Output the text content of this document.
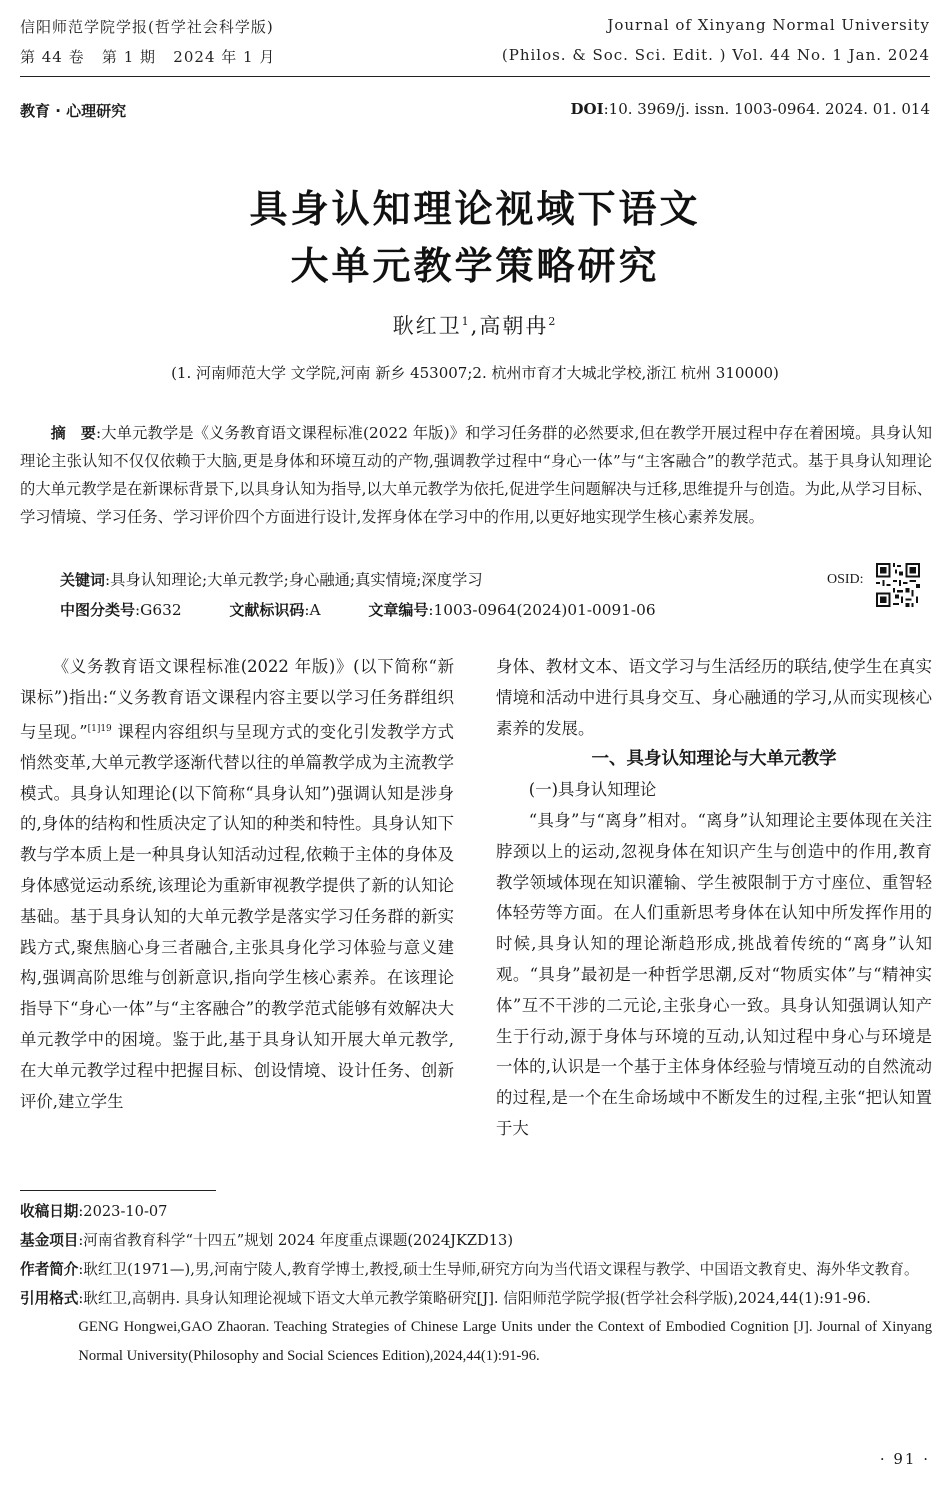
信阳师范学院学报(哲学社会科学版)
第 44 卷   第 1 期   2024 年 1 月
Journal of Xinyang Normal University
(Philos. & Soc. Sci. Edit. ) Vol. 44 No. 1 Jan. 2024
教育 · 心理研究	DOI:10. 3969/j. issn. 1003-0964. 2024. 01. 014
具身认知理论视域下语文
大单元教学策略研究
耿红卫$^1$,高朝冉$^2$
(1. 河南师范大学 文学院,河南 新乡 453007;2. 杭州市育才大城北学校,浙江 杭州 310000)
摘　要:大单元教学是《义务教育语文课程标准(2022 年版)》和学习任务群的必然要求,但在教学开展过程中存在着困境。具身认知理论主张认知不仅仅依赖于大脑,更是身体和环境互动的产物,强调教学过程中“身心一体”与“主客融合”的教学范式。基于具身认知理论的大单元教学是在新课标背景下,以具身认知为指导,以大单元教学为依托,促进学生问题解决与迁移,思维提升与创造。为此,从学习目标、学习情境、学习任务、学习评价四个方面进行设计,发挥身体在学习中的作用,以更好地实现学生核心素养发展。
关键词:具身认知理论;大单元教学;身心融通;真实情境;深度学习	OSID:
中图分类号:G632	文献标识码:A	文章编号:1003-0964(2024)01-0091-06

《义务教育语文课程标准(2022 年版)》(以下简称“新课标”)指出:“义务教育语文课程内容主要以学习任务群组织与呈现。”$^{[1]19}$ 课程内容组织与呈现方式的变化引发教学方式悄然变革,大单元教学逐渐代替以往的单篇教学成为主流教学模式。具身认知理论(以下简称“具身认知”)强调认知是涉身的,身体的结构和性质决定了认知的种类和特性。具身认知下教与学本质上是一种具身认知活动过程,依赖于主体的身体及身体感觉运动系统,该理论为重新审视教学提供了新的认知论基础。基于具身认知的大单元教学是落实学习任务群的新实践方式,聚焦脑心身三者融合,主张具身化学习体验与意义建构,强调高阶思维与创新意识,指向学生核心素养。在该理论指导下“身心一体”与“主客融合”的教学范式能够有效解决大单元教学中的困境。鉴于此,基于具身认知开展大单元教学,在大单元教学过程中把握目标、创设情境、设计任务、创新评价,建立学生

身体、教材文本、语文学习与生活经历的联结,使学生在真实情境和活动中进行具身交互、身心融通的学习,从而实现核心素养的发展。

一、具身认知理论与大单元教学

(一)具身认知理论

“具身”与“离身”相对。“离身”认知理论主要体现在关注脖颈以上的运动,忽视身体在知识产生与创造中的作用,教育教学领域体现在知识灌输、学生被限制于方寸座位、重智轻体轻劳等方面。在人们重新思考身体在认知中所发挥作用的时候,具身认知的理论渐趋形成,挑战着传统的“离身”认知观。“具身”最初是一种哲学思潮,反对“物质实体”与“精神实体”互不干涉的二元论,主张身心一致。具身认知强调认知产生于行动,源于身体与环境的互动,认知过程中身心与环境是一体的,认识是一个基于主体身体经验与情境互动的自然流动的过程,是一个在生命场域中不断发生的过程,主张“把认知置于大

收稿日期 :2023-10-07
基金项目 :河南省教育科学“十四五”规划 2024 年度重点课题(2024JKZD13)
作者简介 :耿红卫(1971—),男,河南宁陵人,教育学博士,教授,硕士生导师,研究方向为当代语文课程与教学、中国语文教育史、海外华文教育。
引用格式 :耿红卫,高朝冉. 具身认知理论视域下语文大单元教学策略研究[J]. 信阳师范学院学报(哲学社会科学版),2024,44(1):91-96.
GENG Hongwei,GAO Zhaoran. Teaching Strategies of Chinese Large Units under the Context of Embodied Cognition [J]. Journal of Xinyang Normal University(Philosophy and Social Sciences Edition),2024,44(1):91-96.
· 91 ·
